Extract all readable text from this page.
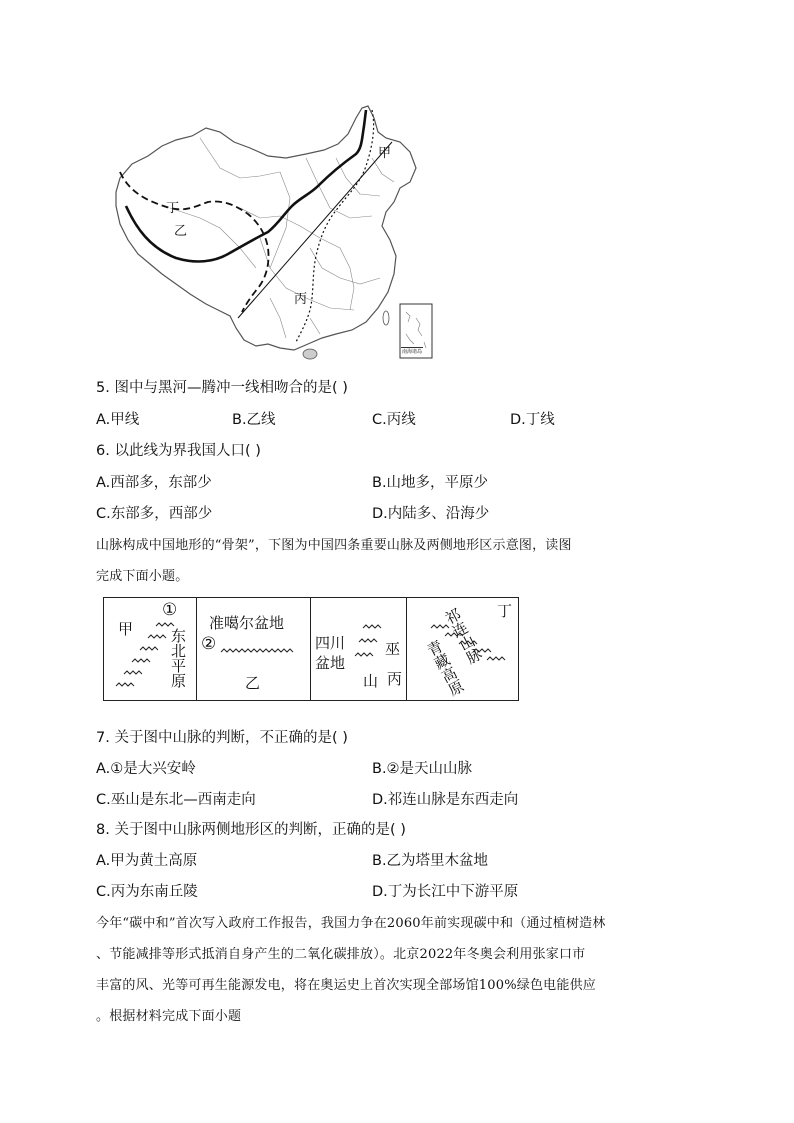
甲
丁
乙
丙
南海诸岛
5. 图中与黑河—腾冲一线相吻合的是( )
A.甲线	B.乙线	C.丙线	D.丁线
6. 以此线为界我国人口( )
A.西部多，东部少	B.山地多，平原少
C.东部多，西部少	D.内陆多、沿海少
山脉构成中国地形的“骨架”，下图为中国四条重要山脉及两侧地形区示意图，读图
完成下面小题。
甲
①
东北平原
准噶尔盆地
②
乙
四川
盆地
巫
山 丙
丁
祁连山脉
青藏高原
7. 关于图中山脉的判断，不正确的是( )
A.①是大兴安岭	B.②是天山山脉
C.巫山是东北—西南走向	D.祁连山脉是东西走向
8. 关于图中山脉两侧地形区的判断，正确的是( )
A.甲为黄土高原	B.乙为塔里木盆地
C.丙为东南丘陵	D.丁为长江中下游平原
今年“碳中和”首次写入政府工作报告，我国力争在2060年前实现碳中和（通过植树造林
、节能减排等形式抵消自身产生的二氧化碳排放）。北京2022年冬奥会利用张家口市
丰富的风、光等可再生能源发电，将在奥运史上首次实现全部场馆100%绿色电能供应
。根据材料完成下面小题
